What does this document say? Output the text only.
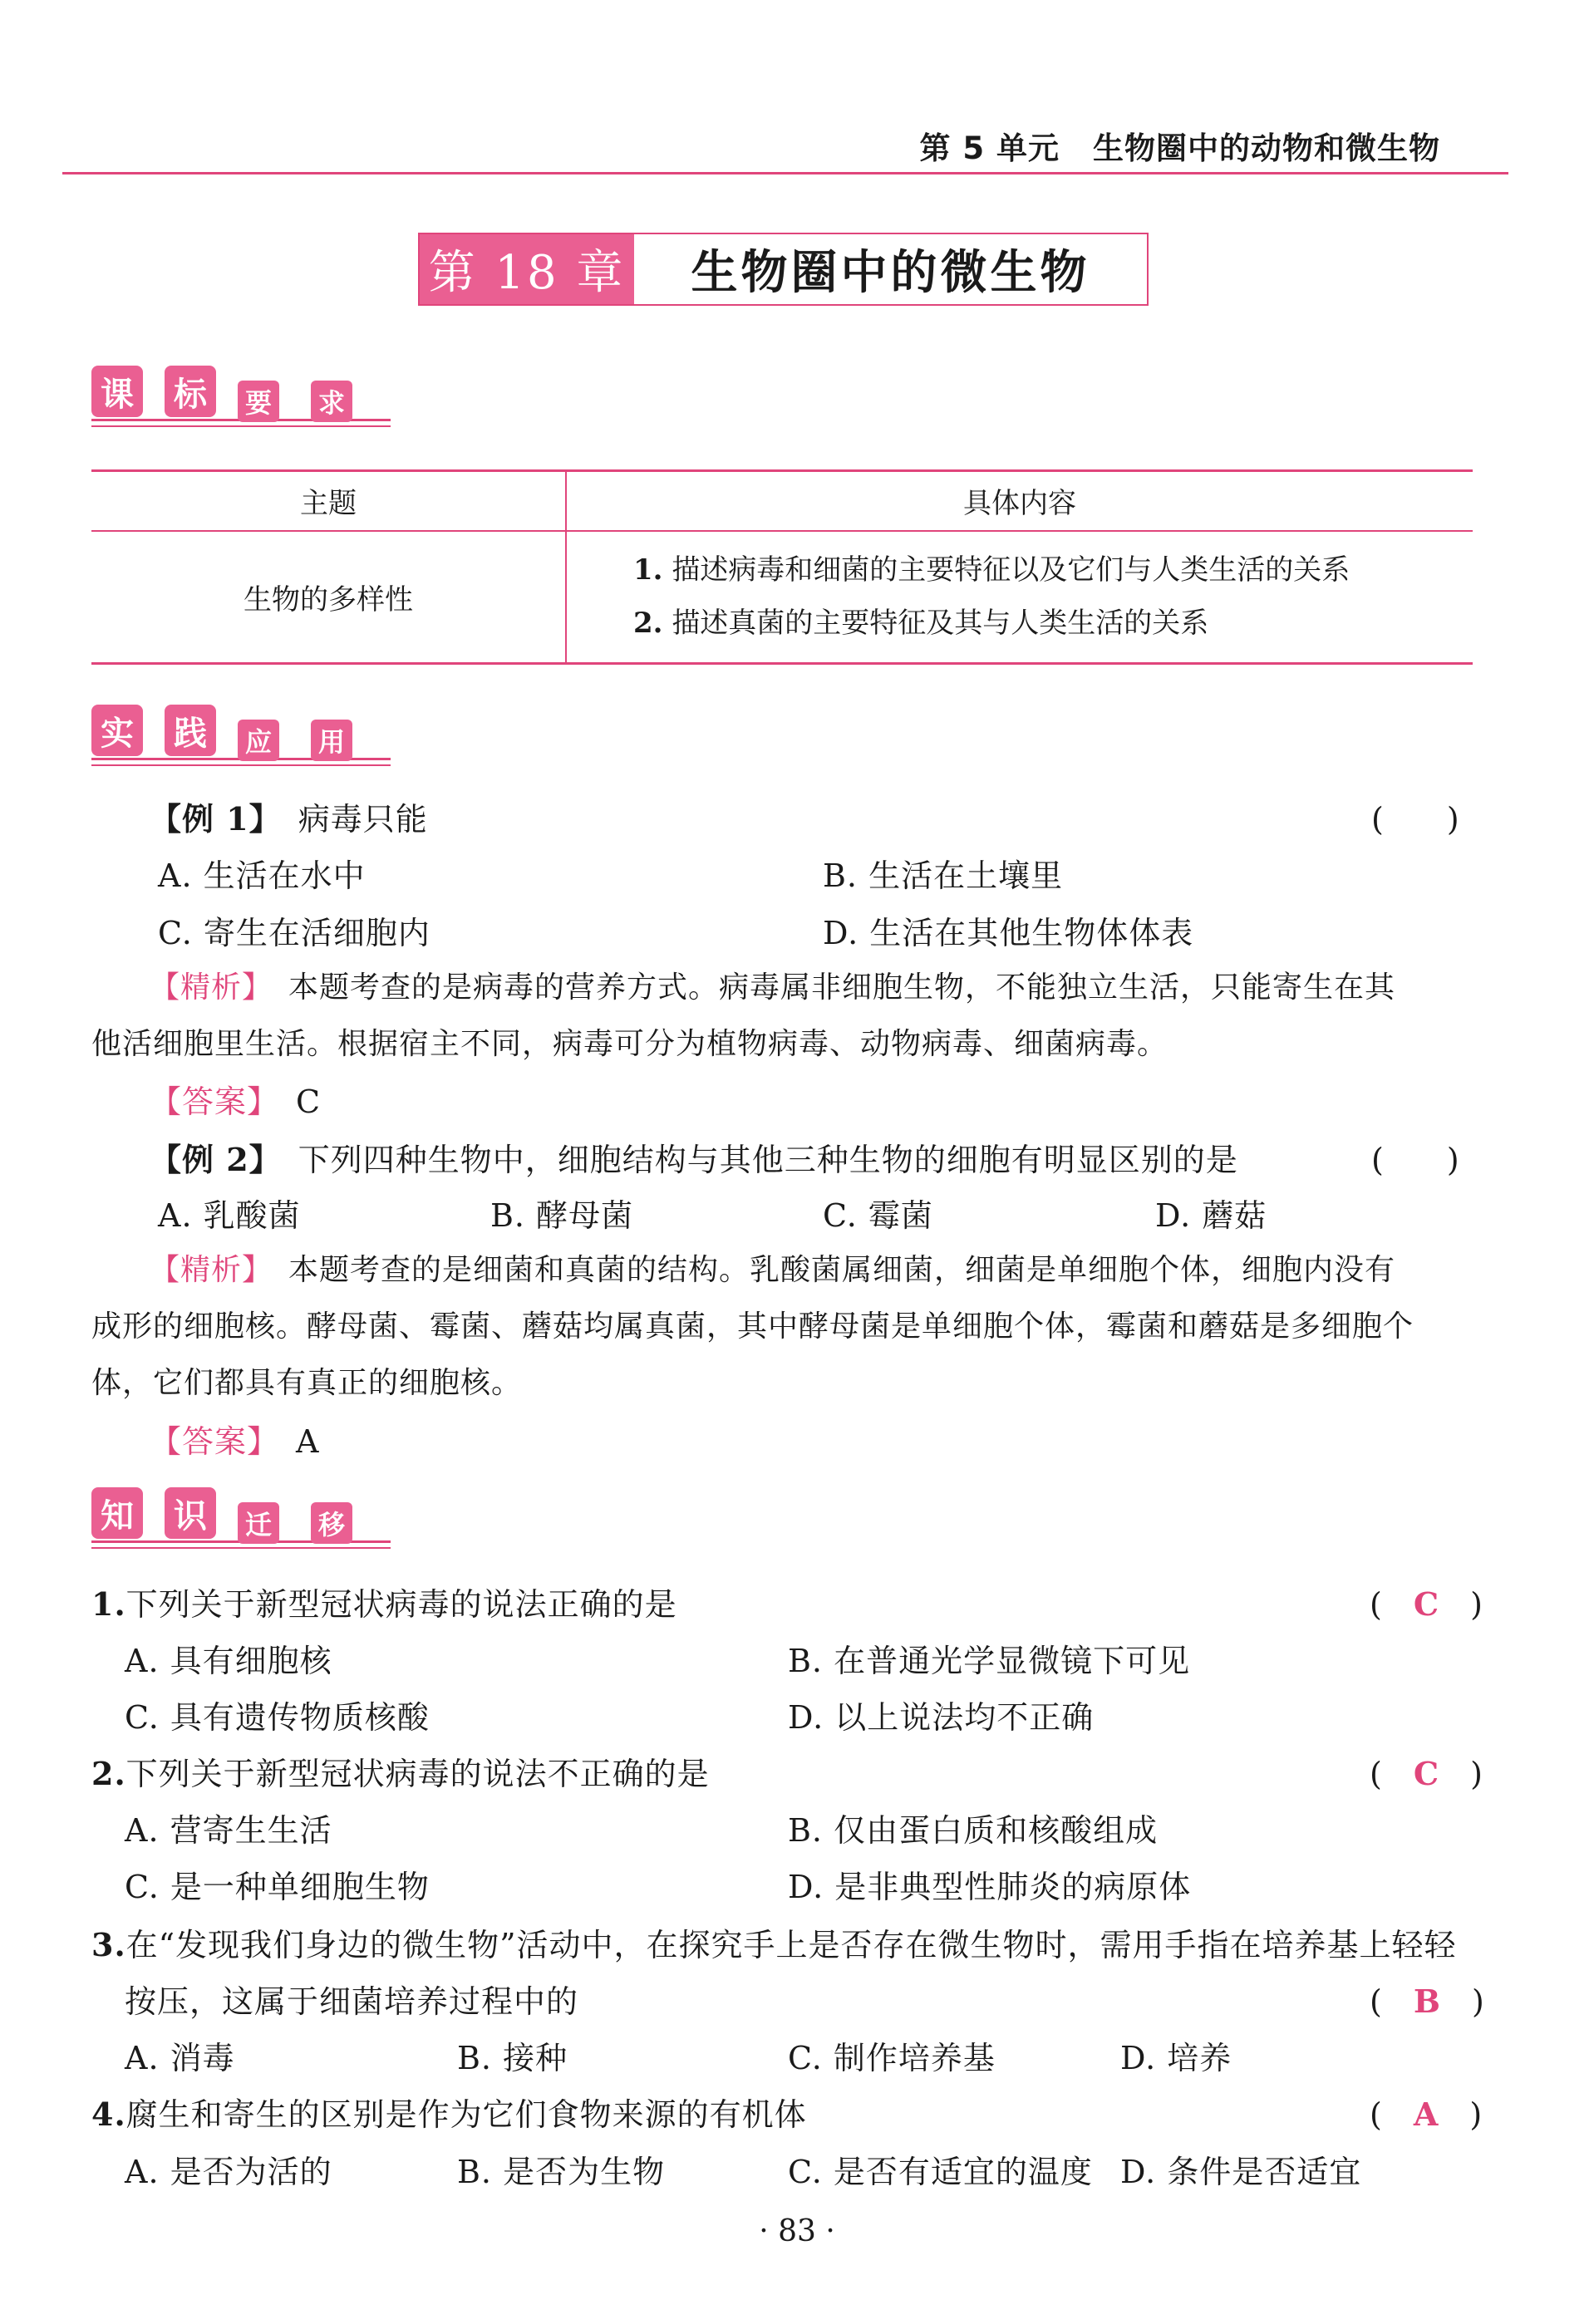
第 5 单元 生物圈中的动物和微生物
第 18 章	生物圈中的微生物
课 标	要 求
主题	具体内容
生物的多样性	1. 描述病毒和细菌的主要特征以及它们与人类生活的关系
2. 描述真菌的主要特征及其与人类生活的关系
实 践	应 用
【例 1】　 病毒只能	(　　)
A. 生活在水中	B. 生活在土壤里
C. 寄生在活细胞内	D. 生活在其他生物体体表
【精析】　 本题考查的是病毒的营养方式。病毒属非细胞生物，不能独立生活，只能寄生在其
他活细胞里生活。根据宿主不同，病毒可分为植物病毒、动物病毒、细菌病毒。
【答案】　 C
【例 2】　 下列四种生物中，细胞结构与其他三种生物的细胞有明显区别的是	(　　)
A. 乳酸菌	B. 酵母菌	C. 霉菌	D. 蘑菇
【精析】　 本题考查的是细菌和真菌的结构。乳酸菌属细菌，细菌是单细胞个体，细胞内没有
成形的细胞核。酵母菌、霉菌、蘑菇均属真菌，其中酵母菌是单细胞个体，霉菌和蘑菇是多细胞个
体，它们都具有真正的细胞核。
【答案】　 A
知 识	迁 移
1.下列关于新型冠状病毒的说法正确的是	(　 C　 )
A. 具有细胞核	B. 在普通光学显微镜下可见
C. 具有遗传物质核酸	D. 以上说法均不正确
2.下列关于新型冠状病毒的说法不正确的是	(　 C　 )
A. 营寄生生活	B. 仅由蛋白质和核酸组成
C. 是一种单细胞生物	D. 是非典型性肺炎的病原体
3.在“发现我们身边的微生物”活动中，在探究手上是否存在微生物时，需用手指在培养基上轻轻
按压，这属于细菌培养过程中的	(　 B　 )
A. 消毒	B. 接种	C. 制作培养基	D. 培养
4.腐生和寄生的区别是作为它们食物来源的有机体	(　 A　 )
A. 是否为活的	B. 是否为生物	C. 是否有适宜的温度 D. 条件是否适宜
· 83 ·
